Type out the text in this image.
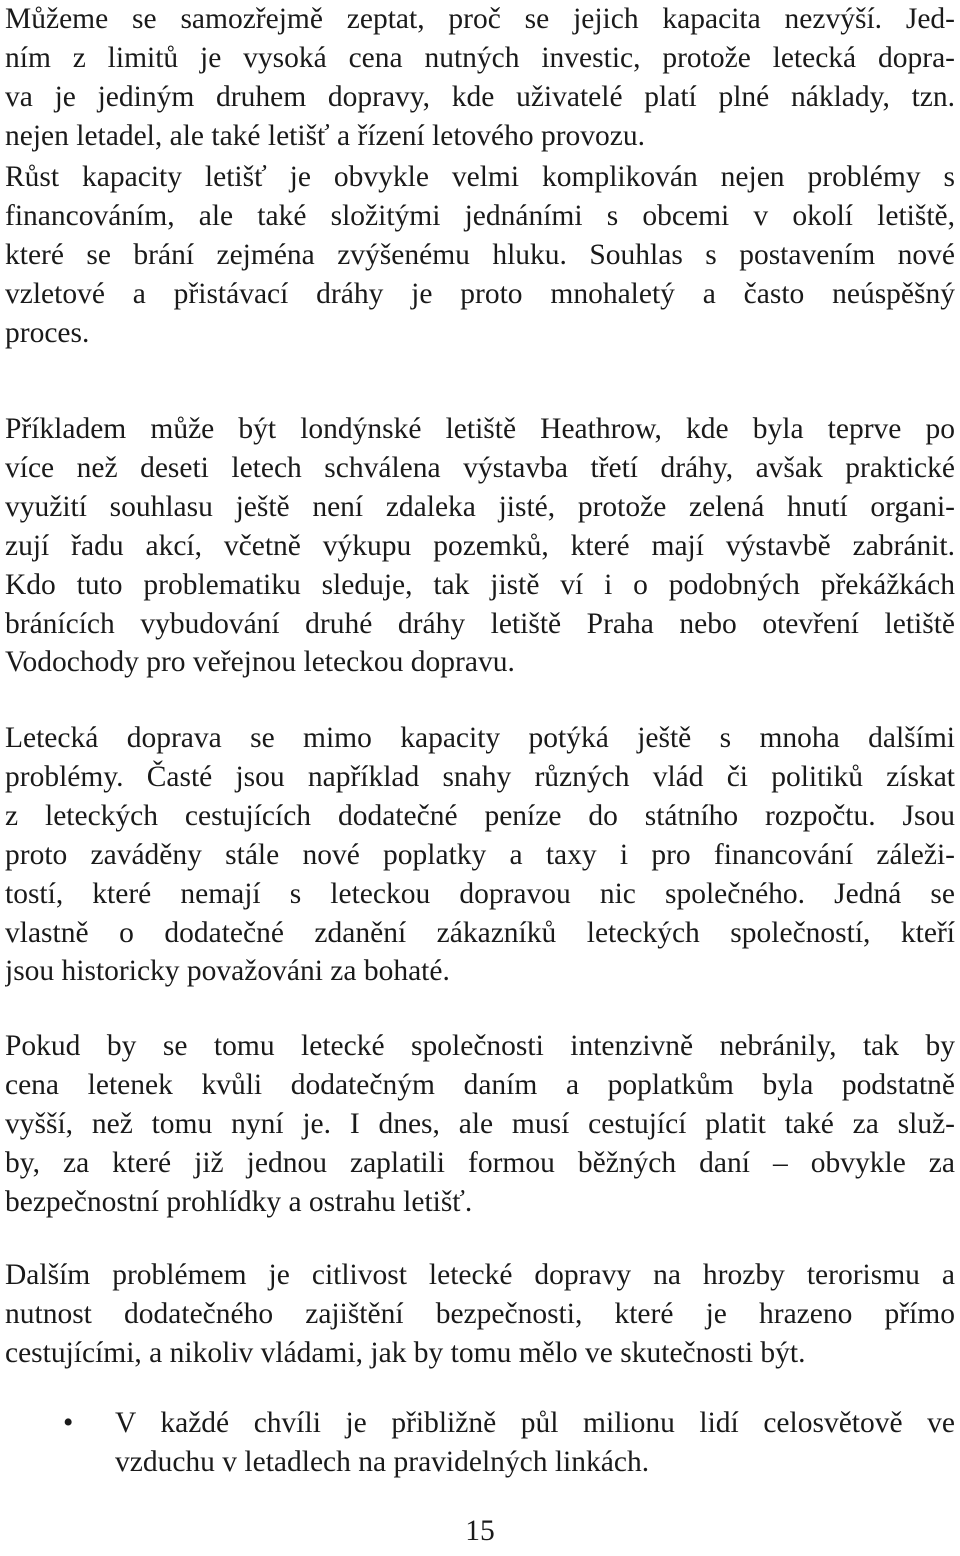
Můžeme se samozřejmě zeptat, proč se jejich kapacita nezvýší. Jed-
ním z limitů je vysoká cena nutných investic, protože letecká dopra-
va je jediným druhem dopravy, kde uživatelé platí plné náklady, tzn.
nejen letadel, ale také letišť a řízení letového provozu.
Růst kapacity letišť je obvykle velmi komplikován nejen problémy s
financováním, ale také složitými jednáními s obcemi v okolí letiště,
které se brání zejména zvýšenému hluku. Souhlas s postavením nové
vzletové a přistávací dráhy je proto mnohaletý a často neúspěšný
proces.
Příkladem může být londýnské letiště Heathrow, kde byla teprve po
více než deseti letech schválena výstavba třetí dráhy, avšak praktické
využití souhlasu ještě není zdaleka jisté, protože zelená hnutí organi-
zují řadu akcí, včetně výkupu pozemků, které mají výstavbě zabránit.
Kdo tuto problematiku sleduje, tak jistě ví i o podobných překážkách
bránících vybudování druhé dráhy letiště Praha nebo otevření letiště
Vodochody pro veřejnou leteckou dopravu.
Letecká doprava se mimo kapacity potýká ještě s mnoha dalšími
problémy. Časté jsou například snahy různých vlád či politiků získat
z leteckých cestujících dodatečné peníze do státního rozpočtu. Jsou
proto zaváděny stále nové poplatky a taxy i pro financování záleži-
tostí, které nemají s leteckou dopravou nic společného. Jedná se
vlastně o dodatečné zdanění zákazníků leteckých společností, kteří
jsou historicky považováni za bohaté.
Pokud by se tomu letecké společnosti intenzivně nebránily, tak by
cena letenek kvůli dodatečným daním a poplatkům byla podstatně
vyšší, než tomu nyní je. I dnes, ale musí cestující platit také za služ-
by, za které již jednou zaplatili formou běžných daní – obvykle za
bezpečnostní prohlídky a ostrahu letišť.
Dalším problémem je citlivost letecké dopravy na hrozby terorismu a
nutnost dodatečného zajištění bezpečnosti, které je hrazeno přímo
cestujícími, a nikoliv vládami, jak by tomu mělo ve skutečnosti být.
• V každé chvíli je přibližně půl milionu lidí celosvětově ve
vzduchu v letadlech na pravidelných linkách.
15
